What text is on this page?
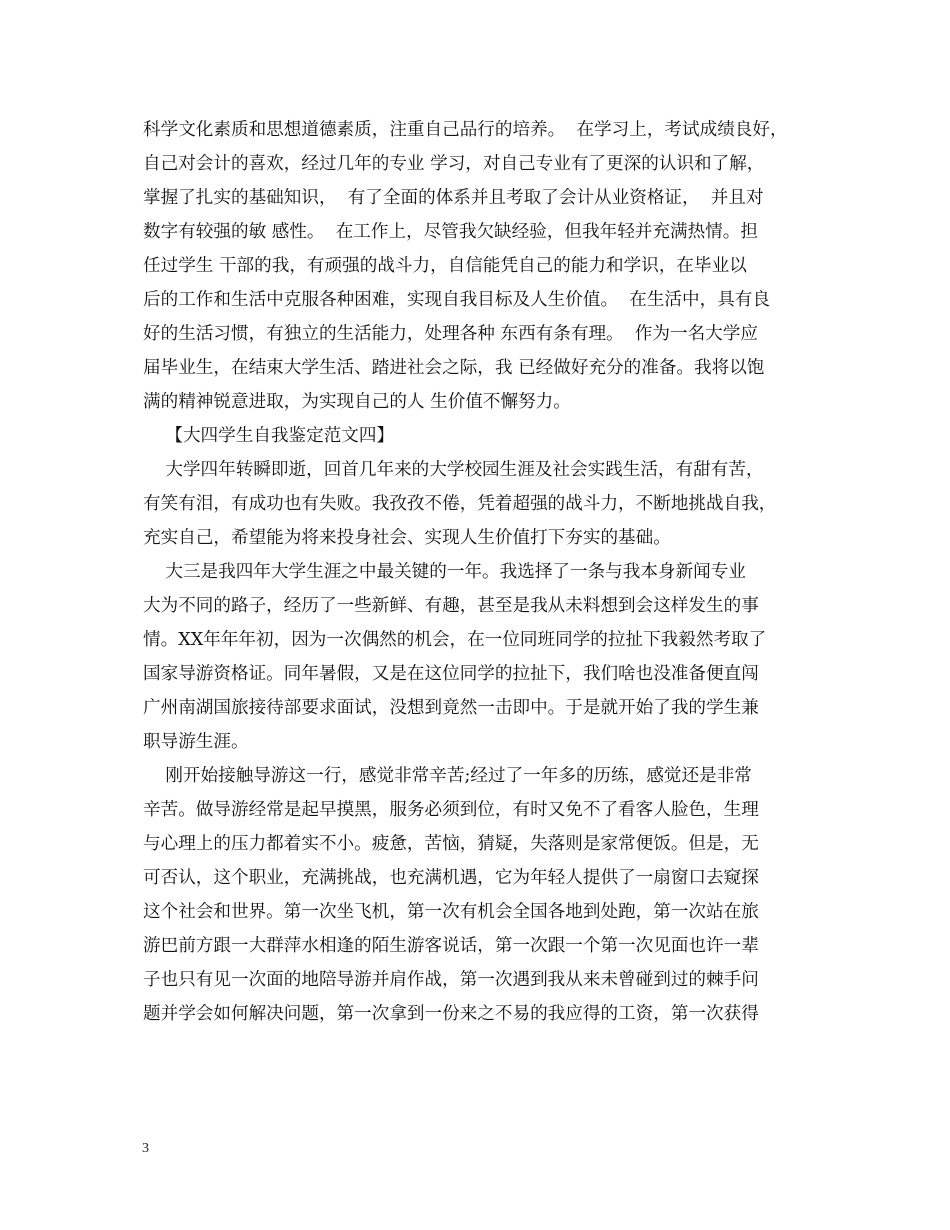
科学文化素质和思想道德素质，注重自己品行的培养。  在学习上，考试成绩良好，
自己对会计的喜欢，经过几年的专业 学习，对自己专业有了更深的认识和了解，
掌握了扎实的基础知识，  有了全面的体系并且考取了会计从业资格证，  并且对
数字有较强的敏 感性。  在工作上，尽管我欠缺经验，但我年轻并充满热情。担
任过学生 干部的我，有顽强的战斗力，自信能凭自己的能力和学识，在毕业以
后的工作和生活中克服各种困难，实现自我目标及人生价值。  在生活中，具有良
好的生活习惯，有独立的生活能力，处理各种 东西有条有理。  作为一名大学应
届毕业生，在结束大学生活、踏进社会之际，我 已经做好充分的准备。我将以饱
满的精神锐意进取，为实现自己的人 生价值不懈努力。
【大四学生自我鉴定范文四】
大学四年转瞬即逝，回首几年来的大学校园生涯及社会实践生活，有甜有苦，
有笑有泪，有成功也有失败。我孜孜不倦，凭着超强的战斗力，不断地挑战自我，
充实自己，希望能为将来投身社会、实现人生价值打下夯实的基础。
大三是我四年大学生涯之中最关键的一年。我选择了一条与我本身新闻专业
大为不同的路子，经历了一些新鲜、有趣，甚至是我从未料想到会这样发生的事
情。XX年年年初，因为一次偶然的机会，在一位同班同学的拉扯下我毅然考取了
国家导游资格证。同年暑假，又是在这位同学的拉扯下，我们啥也没准备便直闯
广州南湖国旅接待部要求面试，没想到竟然一击即中。于是就开始了我的学生兼
职导游生涯。
刚开始接触导游这一行，感觉非常辛苦;经过了一年多的历练，感觉还是非常
辛苦。做导游经常是起早摸黑，服务必须到位，有时又免不了看客人脸色，生理
与心理上的压力都着实不小。疲惫，苦恼，猜疑，失落则是家常便饭。但是，无
可否认，这个职业，充满挑战，也充满机遇，它为年轻人提供了一扇窗口去窥探
这个社会和世界。第一次坐飞机，第一次有机会全国各地到处跑，第一次站在旅
游巴前方跟一大群萍水相逢的陌生游客说话，第一次跟一个第一次见面也许一辈
子也只有见一次面的地陪导游并肩作战，第一次遇到我从来未曾碰到过的棘手问
题并学会如何解决问题，第一次拿到一份来之不易的我应得的工资，第一次获得
3
